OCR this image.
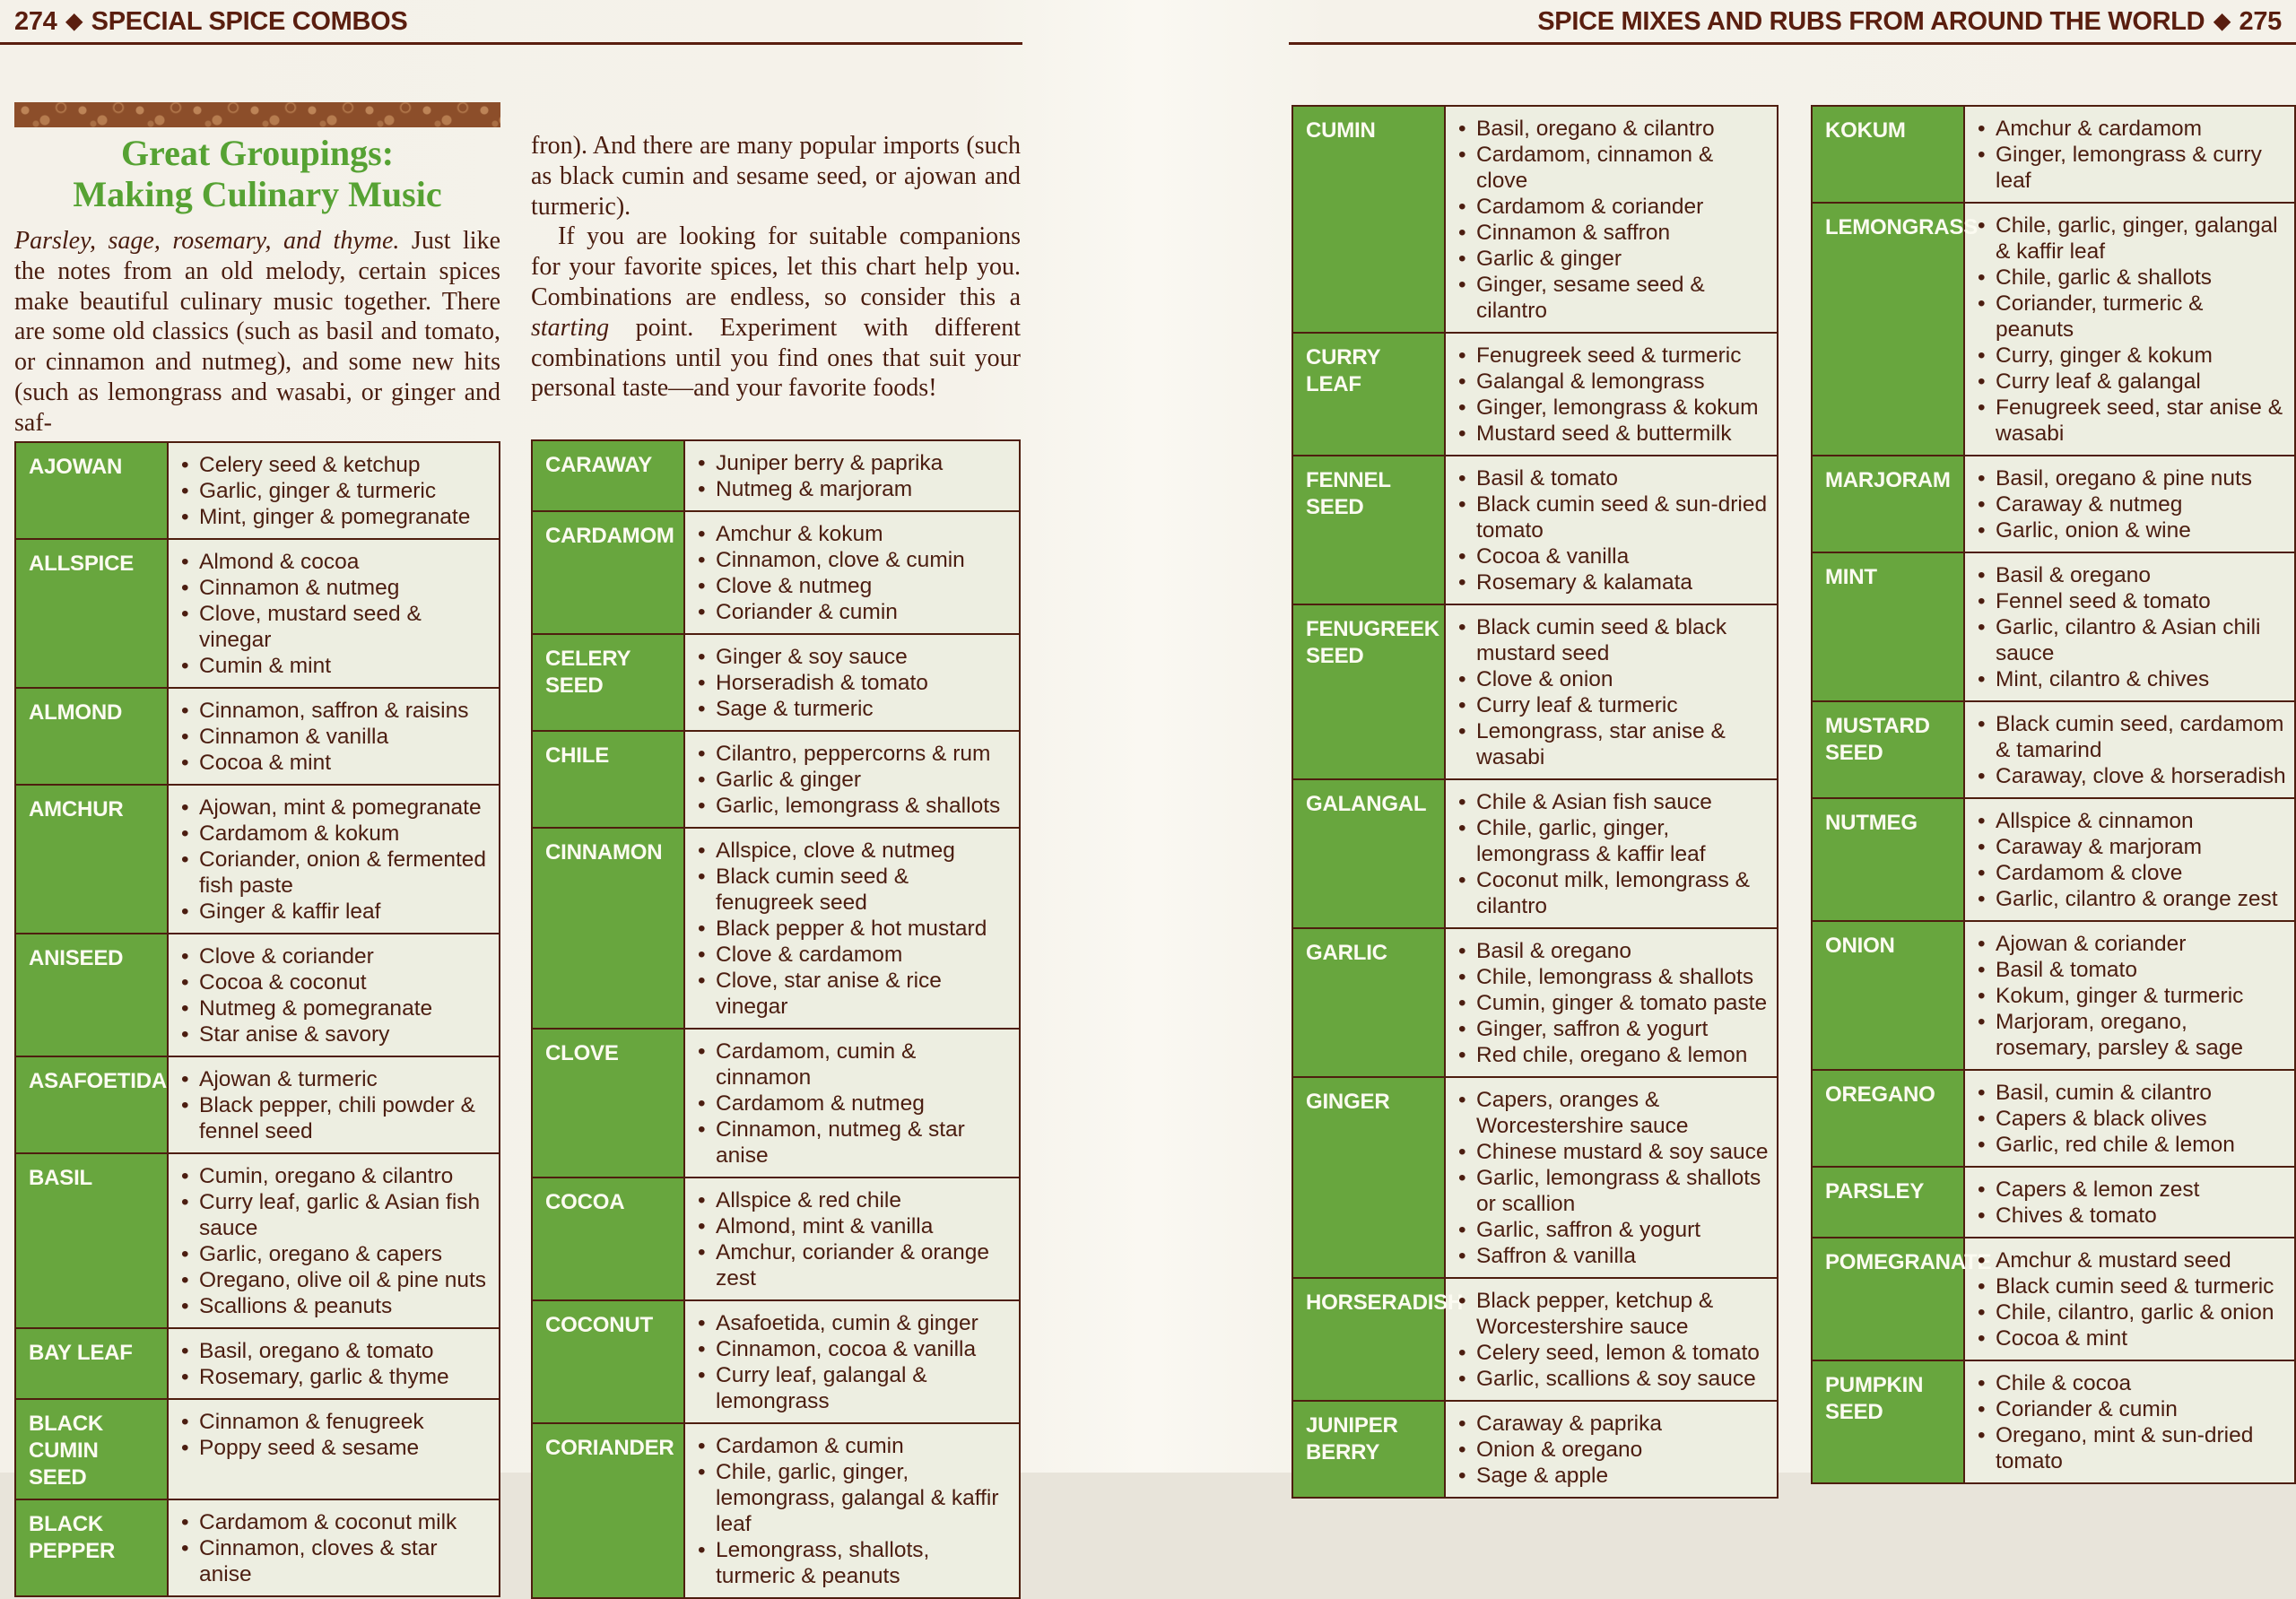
274 ◆ SPECIAL SPICE COMBOS	SPICE MIXES AND RUBS FROM AROUND THE WORLD ◆ 275
Great Groupings:
Making Culinary Music

Parsley, sage, rosemary, and thyme. Just like the notes from an old melody, certain spices make beautiful culinary music together. There are some old classics (such as basil and tomato, or cinnamon and nutmeg), and some new hits (such as lemongrass and wasabi, or ginger and saf-

fron). And there are many popular imports (such as black cumin and sesame seed, or ajowan and turmeric).

If you are looking for suitable companions for your favorite spices, let this chart help you. Combinations are endless, so consider this a starting point. Experiment with different combinations until you find ones that suit your personal taste—and your favorite foods!

AJOWAN	• Celery seed & ketchup
• Garlic, ginger & turmeric
• Mint, ginger & pomegranate
ALLSPICE	• Almond & cocoa
• Cinnamon & nutmeg
• Clove, mustard seed & vinegar
• Cumin & mint
ALMOND	• Cinnamon, saffron & raisins
• Cinnamon & vanilla
• Cocoa & mint
AMCHUR	• Ajowan, mint & pomegranate
• Cardamom & kokum
• Coriander, onion & fermented fish paste
• Ginger & kaffir leaf
ANISEED	• Clove & coriander
• Cocoa & coconut
• Nutmeg & pomegranate
• Star anise & savory
ASAFOETIDA	• Ajowan & turmeric
• Black pepper, chili powder & fennel seed
BASIL	• Cumin, oregano & cilantro
• Curry leaf, garlic & Asian fish sauce
• Garlic, oregano & capers
• Oregano, olive oil & pine nuts
• Scallions & peanuts
BAY LEAF	• Basil, oregano & tomato
• Rosemary, garlic & thyme
BLACK CUMIN SEED
• Cinnamon & fenugreek
• Poppy seed & sesame
BLACK PEPPER
• Cardamom & coconut milk
• Cinnamon, cloves & star anise
CARAWAY	• Juniper berry & paprika
• Nutmeg & marjoram
CARDAMOM	• Amchur & kokum
• Cinnamon, clove & cumin
• Clove & nutmeg
• Coriander & cumin
CELERY SEED
• Ginger & soy sauce
• Horseradish & tomato
• Sage & turmeric
CHILE	• Cilantro, peppercorns & rum
• Garlic & ginger
• Garlic, lemongrass & shallots
CINNAMON	• Allspice, clove & nutmeg
• Black cumin seed & fenugreek seed
• Black pepper & hot mustard
• Clove & cardamom
• Clove, star anise & rice vinegar
CLOVE	• Cardamom, cumin & cinnamon
• Cardamom & nutmeg
• Cinnamon, nutmeg & star anise
COCOA	• Allspice & red chile
• Almond, mint & vanilla
• Amchur, coriander & orange zest
COCONUT	• Asafoetida, cumin & ginger
• Cinnamon, cocoa & vanilla
• Curry leaf, galangal & lemongrass
CORIANDER	• Cardamon & cumin
• Chile, garlic, ginger, lemongrass, galangal & kaffir leaf
• Lemongrass, shallots, turmeric & peanuts
CUMIN	• Basil, oregano & cilantro
• Cardamom, cinnamon & clove
• Cardamom & coriander
• Cinnamon & saffron
• Garlic & ginger
• Ginger, sesame seed & cilantro
CURRY LEAF
• Fenugreek seed & turmeric
• Galangal & lemongrass
• Ginger, lemongrass & kokum
• Mustard seed & buttermilk
FENNEL SEED
• Basil & tomato
• Black cumin seed & sun-dried tomato
• Cocoa & vanilla
• Rosemary & kalamata
FENUGREEK SEED
• Black cumin seed & black mustard seed
• Clove & onion
• Curry leaf & turmeric
• Lemongrass, star anise & wasabi
GALANGAL	• Chile & Asian fish sauce
• Chile, garlic, ginger, lemongrass & kaffir leaf
• Coconut milk, lemongrass & cilantro
GARLIC	• Basil & oregano
• Chile, lemongrass & shallots
• Cumin, ginger & tomato paste
• Ginger, saffron & yogurt
• Red chile, oregano & lemon
GINGER	• Capers, oranges & Worcestershire sauce
• Chinese mustard & soy sauce
• Garlic, lemongrass & shallots or scallion
• Garlic, saffron & yogurt
• Saffron & vanilla
HORSERADISH • Black pepper, ketchup & Worcestershire sauce
• Celery seed, lemon & tomato
• Garlic, scallions & soy sauce
JUNIPER BERRY
• Caraway & paprika
• Onion & oregano
• Sage & apple
KOKUM	• Amchur & cardamom
• Ginger, lemongrass & curry leaf
LEMONGRASS • Chile, garlic, ginger, galangal & kaffir leaf
• Chile, garlic & shallots
• Coriander, turmeric & peanuts
• Curry, ginger & kokum
• Curry leaf & galangal
• Fenugreek seed, star anise & wasabi
MARJORAM	• Basil, oregano & pine nuts
• Caraway & nutmeg
• Garlic, onion & wine
MINT	• Basil & oregano
• Fennel seed & tomato
• Garlic, cilantro & Asian chili sauce
• Mint, cilantro & chives
MUSTARD SEED
• Black cumin seed, cardamom & tamarind
• Caraway, clove & horseradish
NUTMEG	• Allspice & cinnamon
• Caraway & marjoram
• Cardamom & clove
• Garlic, cilantro & orange zest
ONION	• Ajowan & coriander
• Basil & tomato
• Kokum, ginger & turmeric
• Marjoram, oregano, rosemary, parsley & sage
OREGANO	• Basil, cumin & cilantro
• Capers & black olives
• Garlic, red chile & lemon
PARSLEY	• Capers & lemon zest
• Chives & tomato
POMEGRANATE • Amchur & mustard seed
• Black cumin seed & turmeric
• Chile, cilantro, garlic & onion
• Cocoa & mint
PUMPKIN SEED
• Chile & cocoa
• Coriander & cumin
• Oregano, mint & sun-dried tomato
